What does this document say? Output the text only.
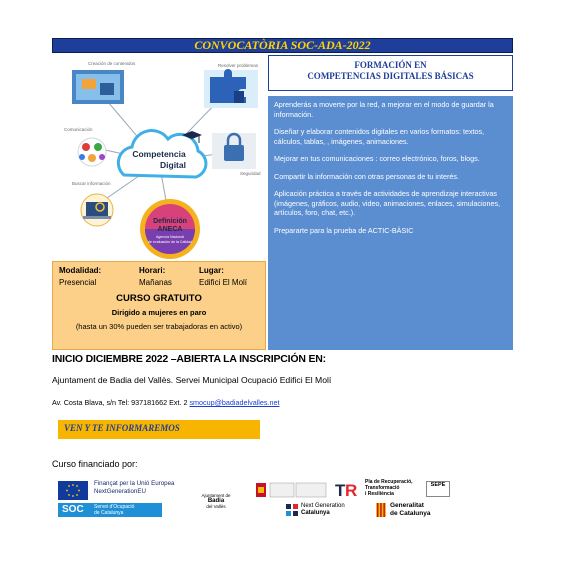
CONVOCATÒRIA SOC-ADA-2022
FORMACIÓN EN
COMPETENCIAS DIGITALES BÁSICAS
Competencia
Digital
Creación de contenidos	Resolver problemas
Comunicación
Seguridad
Buscar información
Definición
ANECA
Agencia Nacional
de evaluación de la Calidad

Aprenderás a moverte por la red, a mejorar en el modo de guardar la información.

Diseñar y elaborar contenidos digitales en varios formatos: textos, cálculos, tablas, , imágenes, animaciones.

Mejorar en tus comunicaciones : correo electrónico, foros, blogs.

Compartir la información con otras personas de tu interés.

Aplicación práctica a través de actividades de aprendizaje interactivas (imágenes, gráficos, audio, video, animaciones, enlaces, simulaciones, artículos, foro, chat, etc.).

Prepararte para la prueba de ACTIC-BÀSIC

Modalidad:
Presencial
Horari:
Mañanas
Lugar:
Edifici El Molí
CURSO GRATUITO
Dirigido a mujeres en paro
(hasta un 30% pueden ser trabajadoras en activo)
INICIO DICIEMBRE 2022 –ABIERTA LA INSCRIPCIÓN EN:
Ajuntament de Badia del Vallès. Servei Municipal Ocupació Edifici El Molí
Av. Costa Blava, s/n Tel: 937181662 Ext. 2 smocup@badiadelvalles.net
VEN Y TE INFORMAREMOS
Curso financiado por:
Finançat per la Unió Europea
NextGenerationEU
SOC Servei d'Ocupació
de Catalunya
Ajuntament de
Badia
del Vallès
T R Pla de Recuperació,
Transformació
i Resiliència
SEPE
Next Generation
Catalunya
Generalitat
de Catalunya
